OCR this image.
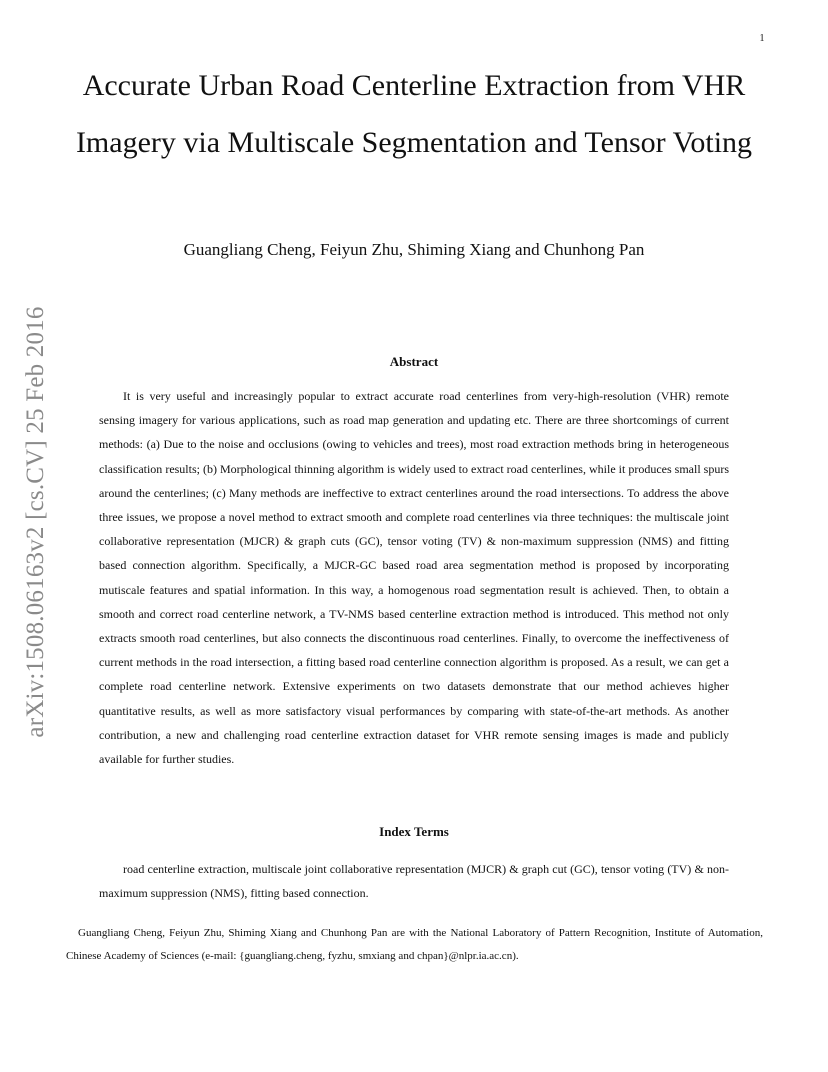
1
arXiv:1508.06163v2 [cs.CV] 25 Feb 2016
Accurate Urban Road Centerline Extraction from VHR Imagery via Multiscale Segmentation and Tensor Voting
Guangliang Cheng, Feiyun Zhu, Shiming Xiang and Chunhong Pan
Abstract
It is very useful and increasingly popular to extract accurate road centerlines from very-high-resolution (VHR) remote sensing imagery for various applications, such as road map generation and updating etc. There are three shortcomings of current methods: (a) Due to the noise and occlusions (owing to vehicles and trees), most road extraction methods bring in heterogeneous classification results; (b) Morphological thinning algorithm is widely used to extract road centerlines, while it produces small spurs around the centerlines; (c) Many methods are ineffective to extract centerlines around the road intersections. To address the above three issues, we propose a novel method to extract smooth and complete road centerlines via three techniques: the multiscale joint collaborative representation (MJCR) & graph cuts (GC), tensor voting (TV) & non-maximum suppression (NMS) and fitting based connection algorithm. Specifically, a MJCR-GC based road area segmentation method is proposed by incorporating mutiscale features and spatial information. In this way, a homogenous road segmentation result is achieved. Then, to obtain a smooth and correct road centerline network, a TV-NMS based centerline extraction method is introduced. This method not only extracts smooth road centerlines, but also connects the discontinuous road centerlines. Finally, to overcome the ineffectiveness of current methods in the road intersection, a fitting based road centerline connection algorithm is proposed. As a result, we can get a complete road centerline network. Extensive experiments on two datasets demonstrate that our method achieves higher quantitative results, as well as more satisfactory visual performances by comparing with state-of-the-art methods. As another contribution, a new and challenging road centerline extraction dataset for VHR remote sensing images is made and publicly available for further studies.
Index Terms
road centerline extraction, multiscale joint collaborative representation (MJCR) & graph cut (GC), tensor voting (TV) & non-maximum suppression (NMS), fitting based connection.
Guangliang Cheng, Feiyun Zhu, Shiming Xiang and Chunhong Pan are with the National Laboratory of Pattern Recognition, Institute of Automation, Chinese Academy of Sciences (e-mail: {guangliang.cheng, fyzhu, smxiang and chpan}@nlpr.ia.ac.cn).
